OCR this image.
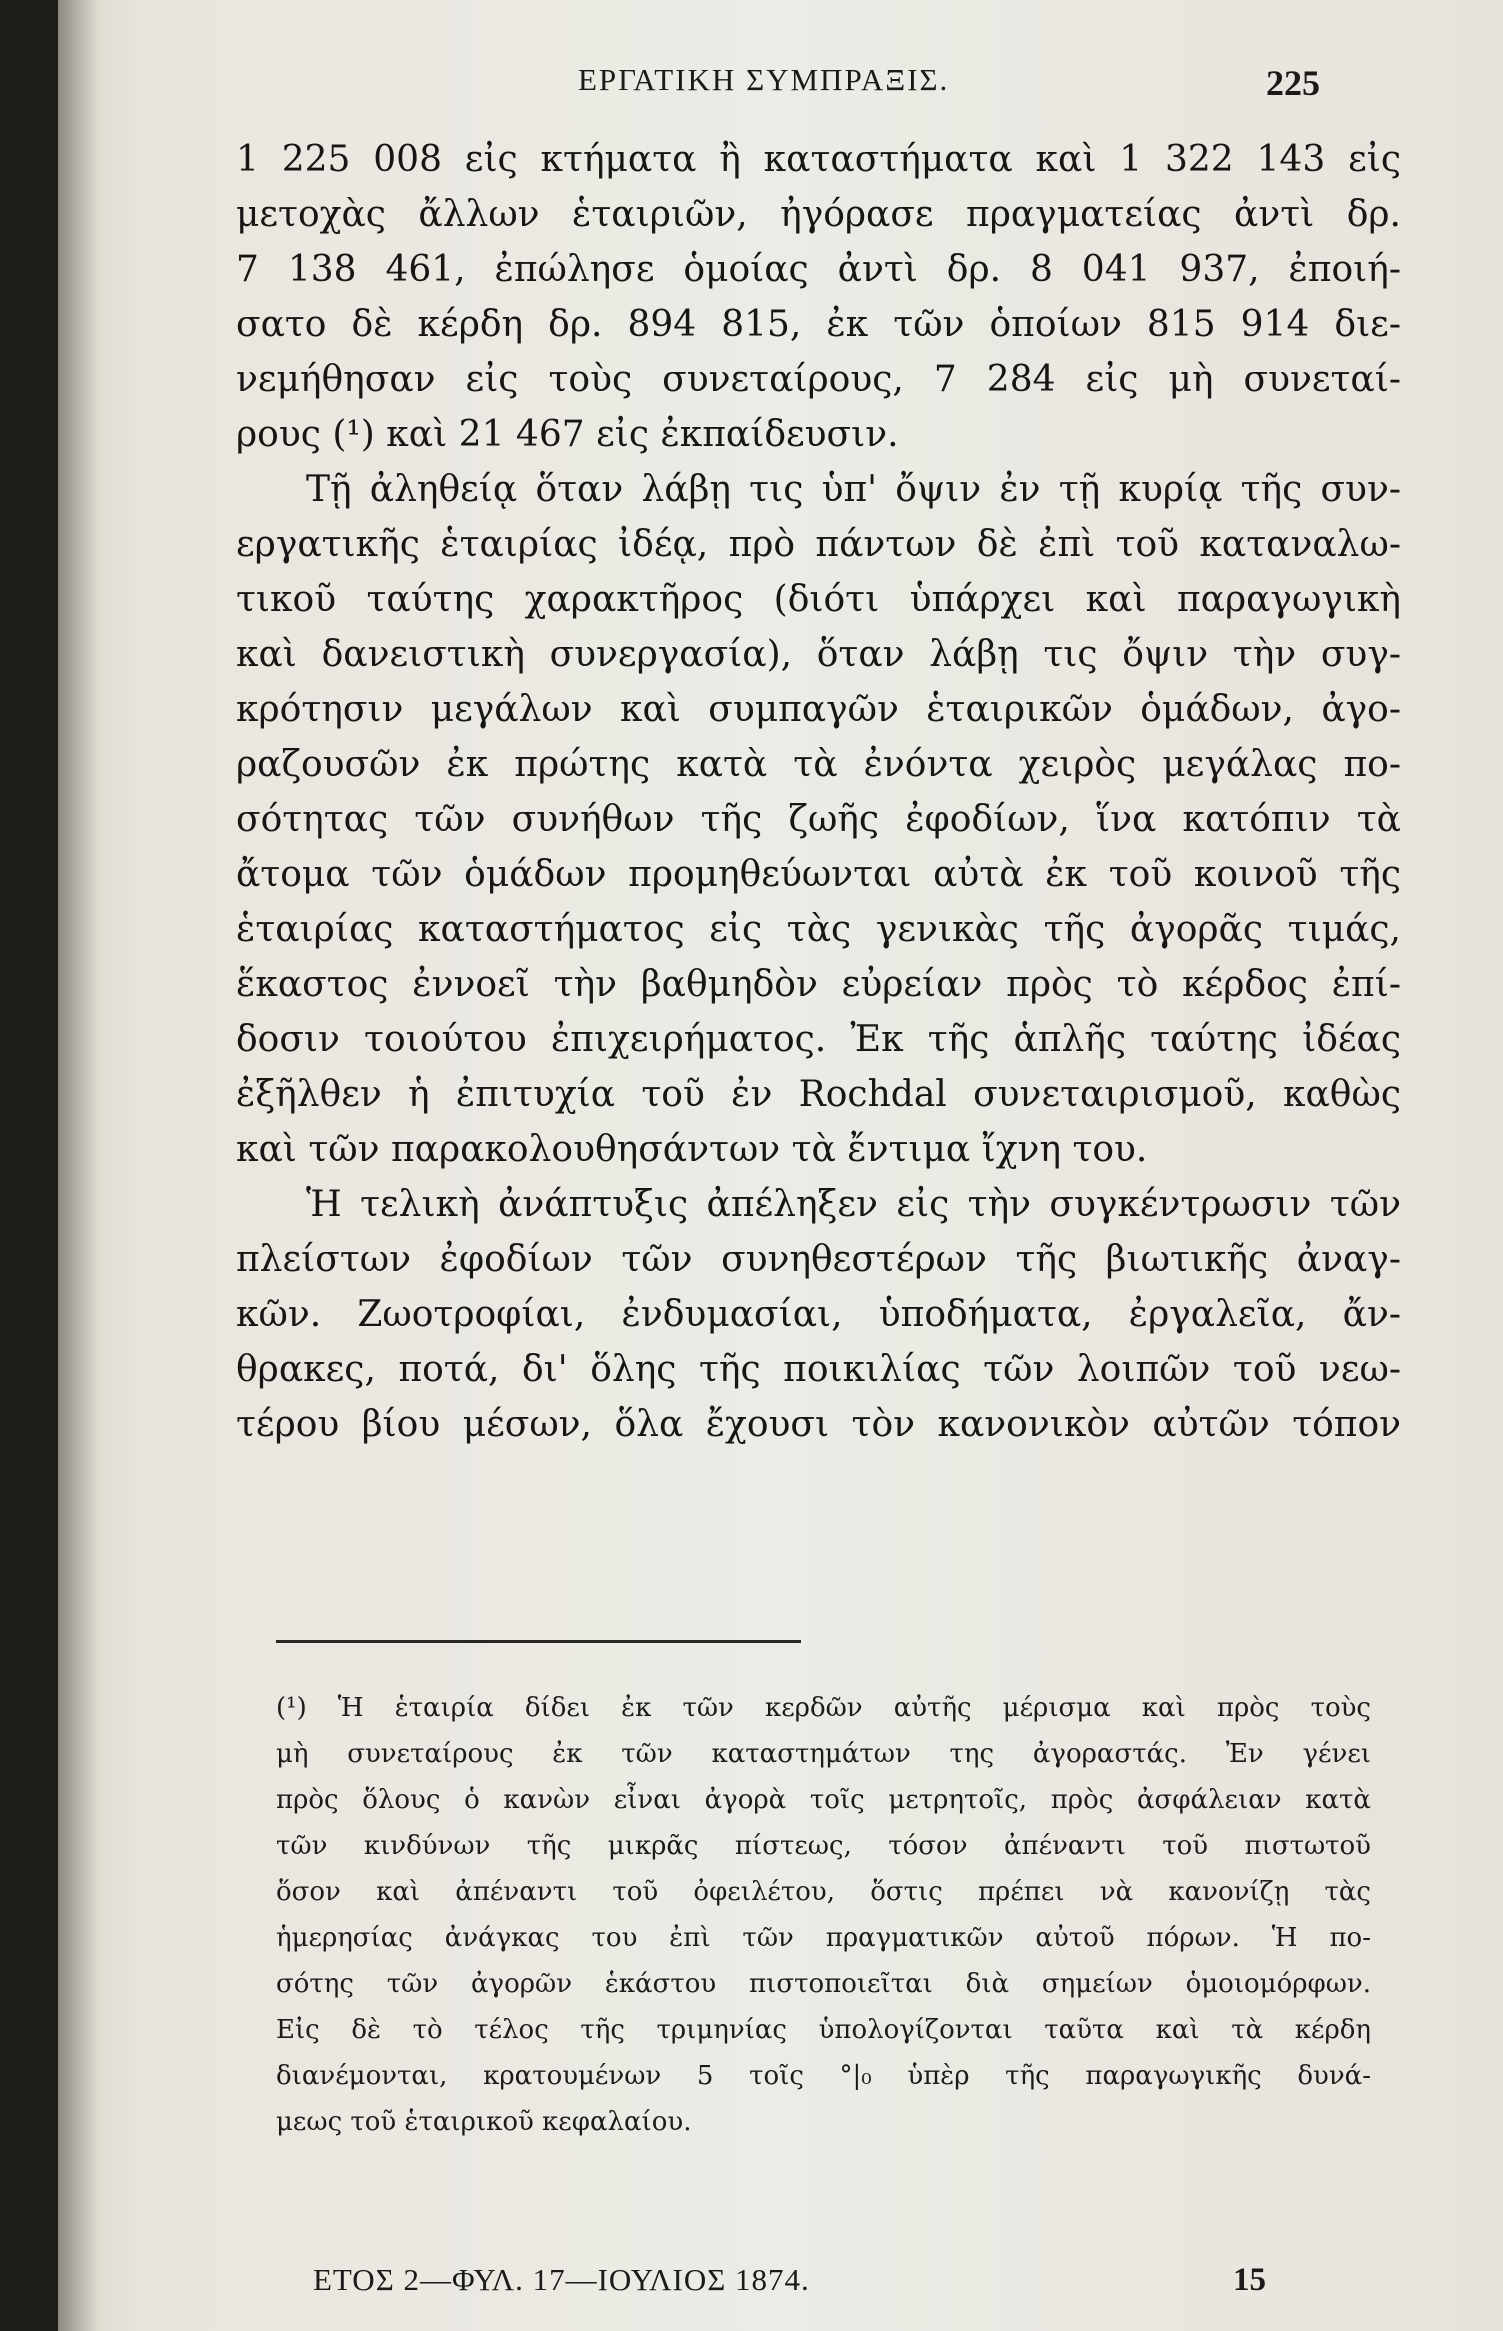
ΕΡΓΑΤΙΚΗ ΣΥΜΠΡΑΞΙΣ.	225
1 225 008 εἰς κτήματα ἢ καταστήματα καὶ 1 322 143 εἰς
μετοχὰς ἄλλων ἑταιριῶν, ἠγόρασε πραγματείας ἀντὶ δρ.
7 138 461, ἐπώλησε ὁμοίας ἀντὶ δρ. 8 041 937, ἐποιή-
σατο δὲ κέρδη δρ. 894 815, ἐκ τῶν ὁποίων 815 914 διε-
νεμήθησαν εἰς τοὺς συνεταίρους, 7 284 εἰς μὴ συνεταί-
ρους (¹) καὶ 21 467 εἰς ἐκπαίδευσιν.
Τῇ ἀληθείᾳ ὅταν λάβῃ τις ὑπ' ὄψιν ἐν τῇ κυρίᾳ τῆς συν-
εργατικῆς ἑταιρίας ἰδέᾳ, πρὸ πάντων δὲ ἐπὶ τοῦ καταναλω-
τικοῦ ταύτης χαρακτῆρος (διότι ὑπάρχει καὶ παραγωγικὴ
καὶ δανειστικὴ συνεργασία), ὅταν λάβῃ τις ὄψιν τὴν συγ-
κρότησιν μεγάλων καὶ συμπαγῶν ἑταιρικῶν ὁμάδων, ἀγο-
ραζουσῶν ἐκ πρώτης κατὰ τὰ ἐνόντα χειρὸς μεγάλας πο-
σότητας τῶν συνήθων τῆς ζωῆς ἐφοδίων, ἵνα κατόπιν τὰ
ἄτομα τῶν ὁμάδων προμηθεύωνται αὐτὰ ἐκ τοῦ κοινοῦ τῆς
ἑταιρίας καταστήματος εἰς τὰς γενικὰς τῆς ἀγορᾶς τιμάς,
ἕκαστος ἐννοεῖ τὴν βαθμηδὸν εὐρείαν πρὸς τὸ κέρδος ἐπί-
δοσιν τοιούτου ἐπιχειρήματος. Ἐκ τῆς ἁπλῆς ταύτης ἰδέας
ἐξῆλθεν ἡ ἐπιτυχία τοῦ ἐν Rochdal συνεταιρισμοῦ, καθὼς
καὶ τῶν παρακολουθησάντων τὰ ἔντιμα ἴχνη του.
Ἡ τελικὴ ἀνάπτυξις ἀπέληξεν εἰς τὴν συγκέντρωσιν τῶν
πλείστων ἐφοδίων τῶν συνηθεστέρων τῆς βιωτικῆς ἀναγ-
κῶν. Ζωοτροφίαι, ἐνδυμασίαι, ὑποδήματα, ἐργαλεῖα, ἄν-
θρακες, ποτά, δι' ὅλης τῆς ποικιλίας τῶν λοιπῶν τοῦ νεω-
τέρου βίου μέσων, ὅλα ἔχουσι τὸν κανονικὸν αὐτῶν τόπον
(¹) Ἡ ἑταιρία δίδει ἐκ τῶν κερδῶν αὐτῆς μέρισμα καὶ πρὸς τοὺς
μὴ συνεταίρους ἐκ τῶν καταστημάτων της ἀγοραστάς. Ἐν γένει
πρὸς ὅλους ὁ κανὼν εἶναι ἀγορὰ τοῖς μετρητοῖς, πρὸς ἀσφάλειαν κατὰ
τῶν κινδύνων τῆς μικρᾶς πίστεως, τόσον ἀπέναντι τοῦ πιστωτοῦ
ὅσον καὶ ἀπέναντι τοῦ ὀφειλέτου, ὅστις πρέπει νὰ κανονίζῃ τὰς
ἡμερησίας ἀνάγκας του ἐπὶ τῶν πραγματικῶν αὐτοῦ πόρων. Ἡ πο-
σότης τῶν ἀγορῶν ἑκάστου πιστοποιεῖται διὰ σημείων ὁμοιομόρφων.
Εἰς δὲ τὸ τέλος τῆς τριμηνίας ὑπολογίζονται ταῦτα καὶ τὰ κέρδη
διανέμονται, κρατουμένων 5 τοῖς °|₀ ὑπὲρ τῆς παραγωγικῆς δυνά-
μεως τοῦ ἑταιρικοῦ κεφαλαίου.
ΕΤΟΣ 2—ΦΥΛ. 17—ΙΟΥΛΙΟΣ 1874.	15
